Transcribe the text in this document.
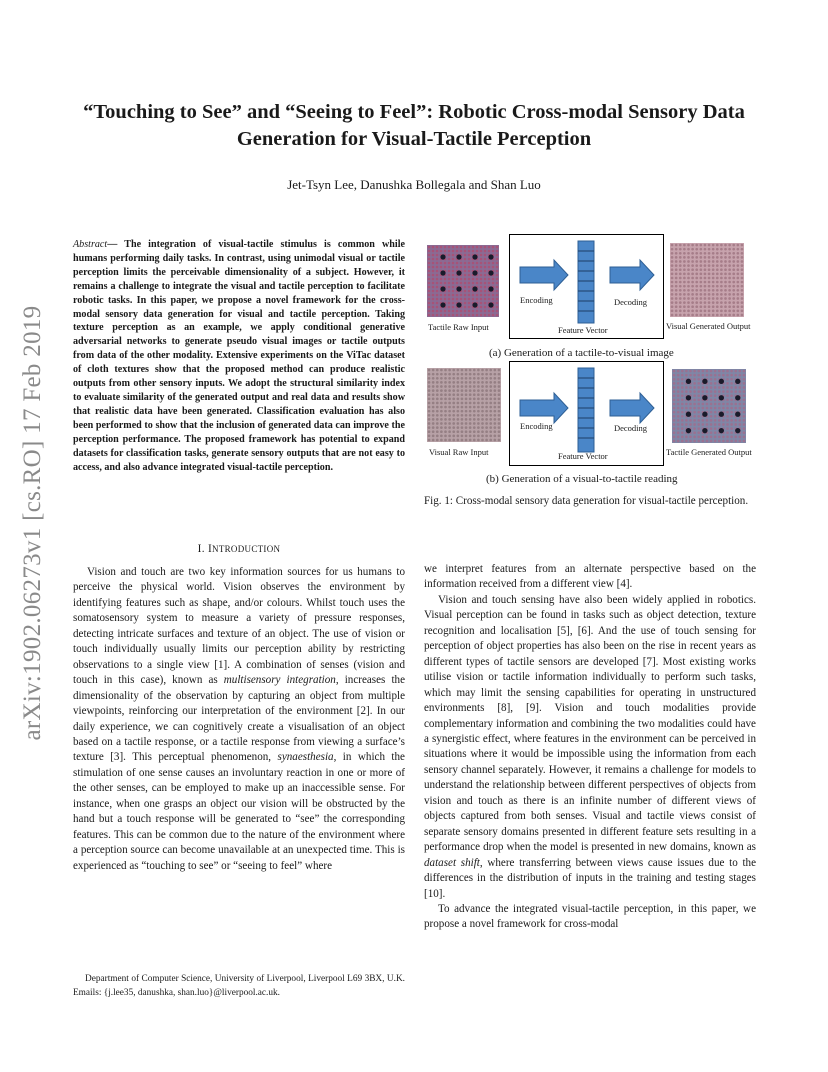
arXiv:1902.06273v1 [cs.RO] 17 Feb 2019
“Touching to See” and “Seeing to Feel”: Robotic Cross-modal Sensory Data Generation for Visual-Tactile Perception
Jet-Tsyn Lee, Danushka Bollegala and Shan Luo
Abstract— The integration of visual-tactile stimulus is common while humans performing daily tasks. In contrast, using unimodal visual or tactile perception limits the perceivable dimensionality of a subject. However, it remains a challenge to integrate the visual and tactile perception to facilitate robotic tasks. In this paper, we propose a novel framework for the cross-modal sensory data generation for visual and tactile perception. Taking texture perception as an example, we apply conditional generative adversarial networks to generate pseudo visual images or tactile outputs from data of the other modality. Extensive experiments on the ViTac dataset of cloth textures show that the proposed method can produce realistic outputs from other sensory inputs. We adopt the structural similarity index to evaluate similarity of the generated output and real data and results show that realistic data have been generated. Classification evaluation has also been performed to show that the inclusion of generated data can improve the perception performance. The proposed framework has potential to expand datasets for classification tasks, generate sensory outputs that are not easy to access, and also advance integrated visual-tactile perception.
I. INTRODUCTION

Vision and touch are two key information sources for us humans to perceive the physical world. Vision observes the environment by identifying features such as shape, and/or colours. Whilst touch uses the somatosensory system to measure a variety of pressure responses, detecting intricate surfaces and texture of an object. The use of vision or touch individually usually limits our perception ability by restricting observations to a single view [1]. A combination of senses (vision and touch in this case), known as multisensory integration, increases the dimensionality of the observation by capturing an object from multiple viewpoints, reinforcing our interpretation of the environment [2]. In our daily experience, we can cognitively create a visualisation of an object based on a tactile response, or a tactile response from viewing a surface’s texture [3]. This perceptual phenomenon, synaesthesia, in which the stimulation of one sense causes an involuntary reaction in one or more of the other senses, can be employed to make up an inaccessible sense. For instance, when one grasps an object our vision will be obstructed by the hand but a touch response will be generated to “see” the corresponding features. This can be common due to the nature of the environment where a perception source can become unavailable at an unexpected time. This is experienced as “touching to see” or “seeing to feel” where

Department of Computer Science, University of Liverpool, Liverpool L69 3BX, U.K. Emails: {j.lee35, danushka, shan.luo}@liverpool.ac.uk.

Tactile Raw Input
Encoding	Decoding
Feature Vector	Visual Generated Output
(a) Generation of a tactile-to-visual image
Visual Raw Input
Encoding	Decoding
Feature Vector	Tactile Generated Output
(b) Generation of a visual-to-tactile reading
Fig. 1: Cross-modal sensory data generation for visual-tactile perception.

we interpret features from an alternate perspective based on the information received from a different view [4].

Vision and touch sensing have also been widely applied in robotics. Visual perception can be found in tasks such as object detection, texture recognition and localisation [5], [6]. And the use of touch sensing for perception of object properties has also been on the rise in recent years as different types of tactile sensors are developed [7]. Most existing works utilise vision or tactile information individually to perform such tasks, which may limit the sensing capabilities for operating in unstructured environments [8], [9]. Vision and touch modalities provide complementary information and combining the two modalities could have a synergistic effect, where features in the environment can be perceived in situations where it would be impossible using the information from each sensory channel separately. However, it remains a challenge for models to understand the relationship between different perspectives of objects from vision and touch as there is an infinite number of different views of objects captured from both senses. Visual and tactile views consist of separate sensory domains presented in different feature sets resulting in a performance drop when the model is presented in new domains, known as dataset shift, where transferring between views cause issues due to the differences in the distribution of inputs in the training and testing stages [10].

To advance the integrated visual-tactile perception, in this paper, we propose a novel framework for cross-modal
